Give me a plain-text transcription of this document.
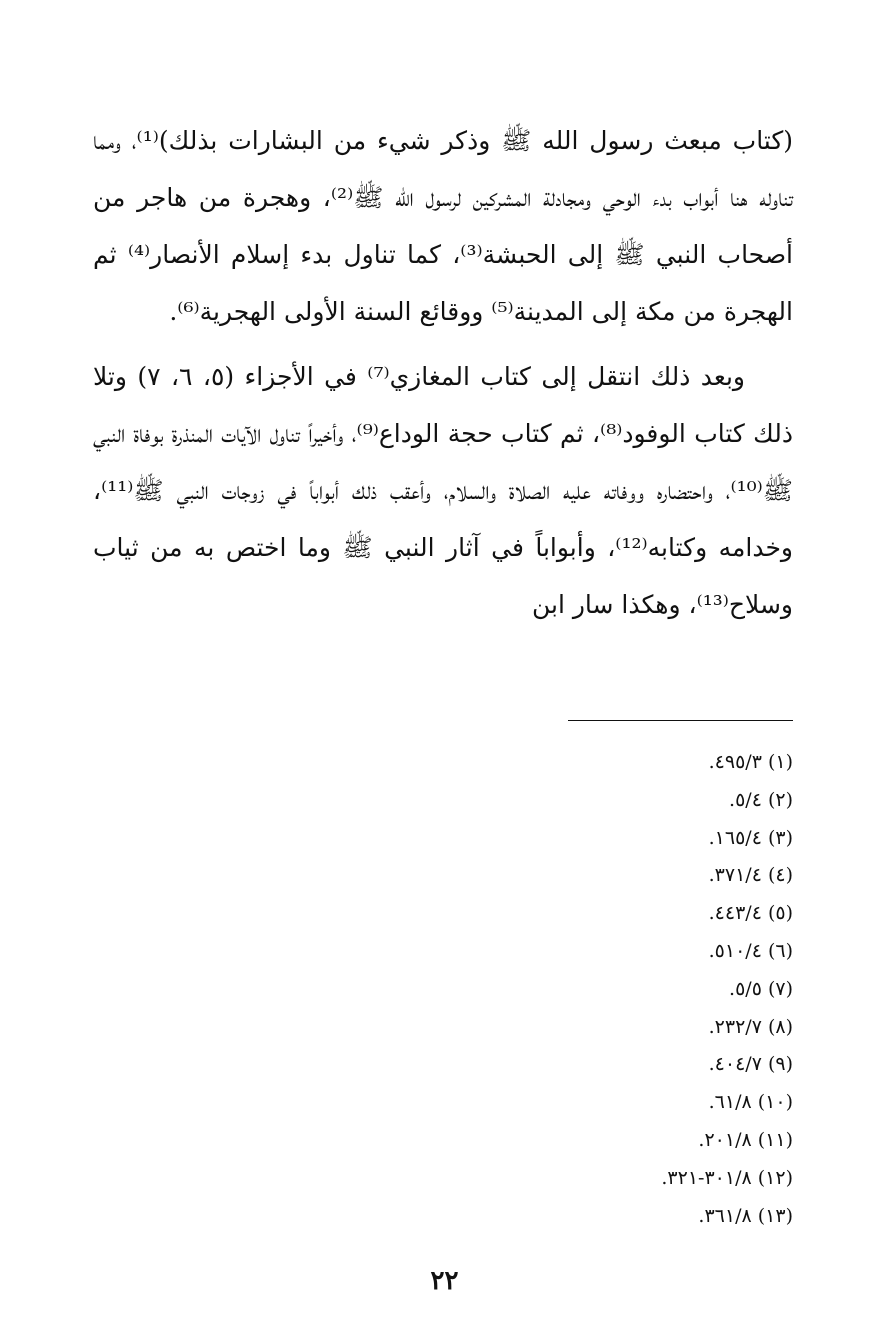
(كتاب مبعث رسول الله ﷺ وذكر شيء من البشارات بذلك)⁽¹⁾، ومما تناوله هنا أبواب بدء الوحي ومجادلة المشركين لرسول الله ﷺ⁽²⁾، وهجرة من هاجر من أصحاب النبي ﷺ إلى الحبشة⁽³⁾، كما تناول بدء إسلام الأنصار⁽⁴⁾ ثم الهجرة من مكة إلى المدينة⁽⁵⁾ ووقائع السنة الأولى الهجرية⁽⁶⁾.

وبعد ذلك انتقل إلى كتاب المغازي⁽⁷⁾ في الأجزاء (٥، ٦، ٧) وتلا ذلك كتاب الوفود⁽⁸⁾، ثم كتاب حجة الوداع⁽⁹⁾، وأخيراً تناول الآيات المنذرة بوفاة النبي ﷺ⁽¹⁰⁾، واحتضاره ووفاته عليه الصلاة والسلام، وأعقب ذلك أبواباً في زوجات النبي ﷺ⁽¹¹⁾، وخدامه وكتابه⁽¹²⁾، وأبواباً في آثار النبي ﷺ وما اختص به من ثياب وسلاح⁽¹³⁾، وهكذا سار ابن

(١) ٤٩٥/٣.
(٢) ٥/٤.
(٣) ١٦٥/٤.
(٤) ٣٧١/٤.
(٥) ٤٤٣/٤.
(٦) ٥١٠/٤.
(٧) ٥/٥.
(٨) ٢٣٢/٧.
(٩) ٤٠٤/٧.
(١٠) ٦١/٨.
(١١) ٢٠١/٨.
(١٢) ٣٠١/٨-٣٢١.
(١٣) ٣٦١/٨.
٢٢
